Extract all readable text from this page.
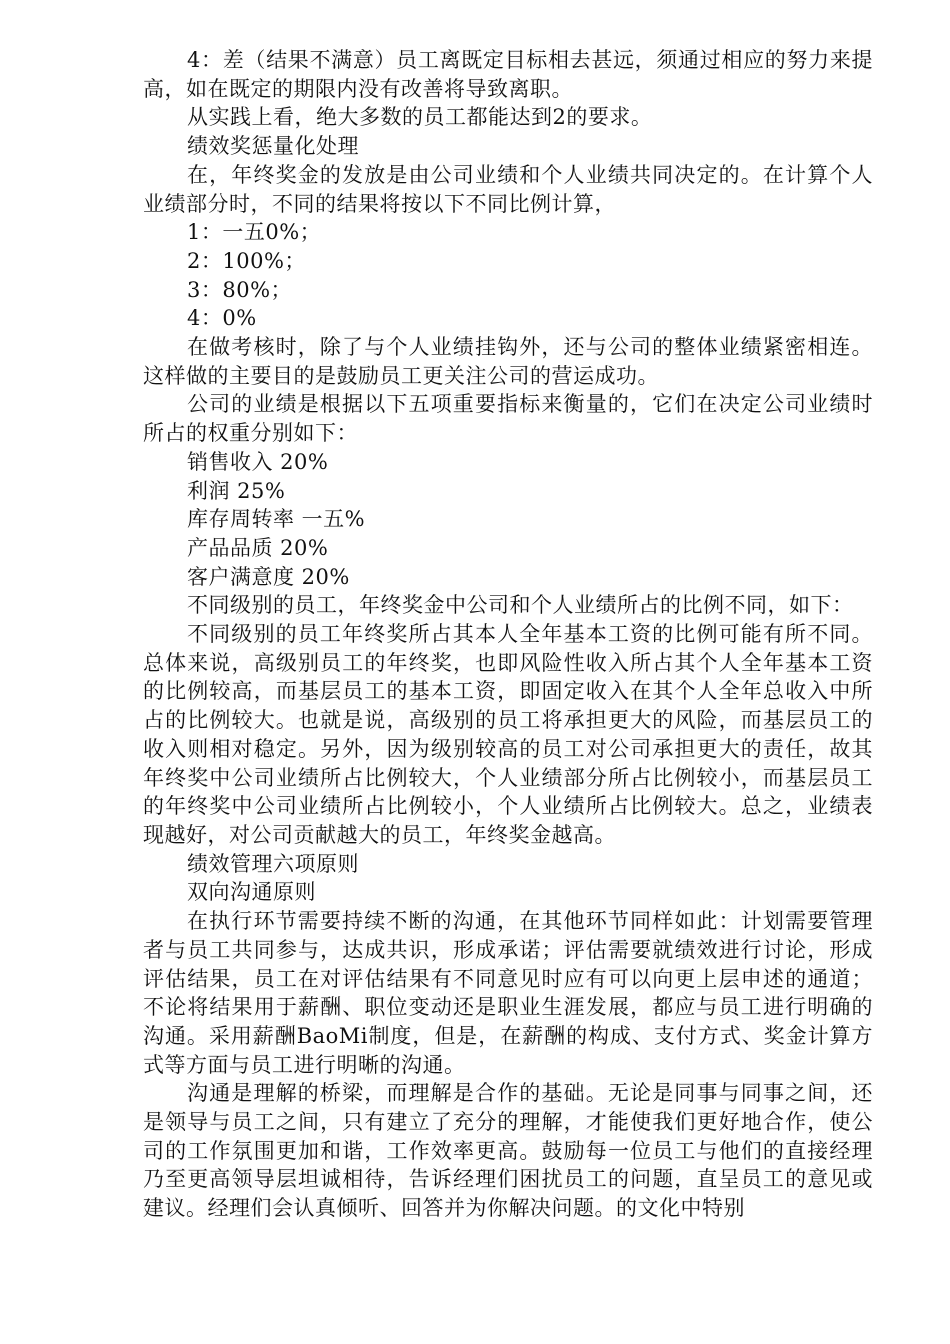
4：差（结果不满意）员工离既定目标相去甚远，须通过相应的努力来提高，如在既定的期限内没有改善将导致离职。

从实践上看，绝大多数的员工都能达到2的要求。

绩效奖惩量化处理

在，年终奖金的发放是由公司业绩和个人业绩共同决定的。在计算个人业绩部分时，不同的结果将按以下不同比例计算，

1：一五0%；

2：100%；

3：80%；

4：0%

在做考核时，除了与个人业绩挂钩外，还与公司的整体业绩紧密相连。这样做的主要目的是鼓励员工更关注公司的营运成功。

公司的业绩是根据以下五项重要指标来衡量的，它们在决定公司业绩时所占的权重分别如下：

销售收入 20%

利润 25%

库存周转率 一五%

产品品质 20%

客户满意度 20%

不同级别的员工，年终奖金中公司和个人业绩所占的比例不同，如下：

不同级别的员工年终奖所占其本人全年基本工资的比例可能有所不同。总体来说，高级别员工的年终奖，也即风险性收入所占其个人全年基本工资的比例较高，而基层员工的基本工资，即固定收入在其个人全年总收入中所占的比例较大。也就是说，高级别的员工将承担更大的风险，而基层员工的收入则相对稳定。另外，因为级别较高的员工对公司承担更大的责任，故其年终奖中公司业绩所占比例较大，个人业绩部分所占比例较小，而基层员工的年终奖中公司业绩所占比例较小，个人业绩所占比例较大。总之，业绩表现越好，对公司贡献越大的员工，年终奖金越高。

绩效管理六项原则

双向沟通原则

在执行环节需要持续不断的沟通，在其他环节同样如此：计划需要管理者与员工共同参与，达成共识，形成承诺；评估需要就绩效进行讨论，形成评估结果，员工在对评估结果有不同意见时应有可以向更上层申述的通道；不论将结果用于薪酬、职位变动还是职业生涯发展，都应与员工进行明确的沟通。采用薪酬BaoMi制度，但是，在薪酬的构成、支付方式、奖金计算方式等方面与员工进行明晰的沟通。

沟通是理解的桥梁，而理解是合作的基础。无论是同事与同事之间，还是领导与员工之间，只有建立了充分的理解，才能使我们更好地合作，使公司的工作氛围更加和谐，工作效率更高。鼓励每一位员工与他们的直接经理乃至更高领导层坦诚相待，告诉经理们困扰员工的问题，直呈员工的意见或建议。经理们会认真倾听、回答并为你解决问题。的文化中特别
